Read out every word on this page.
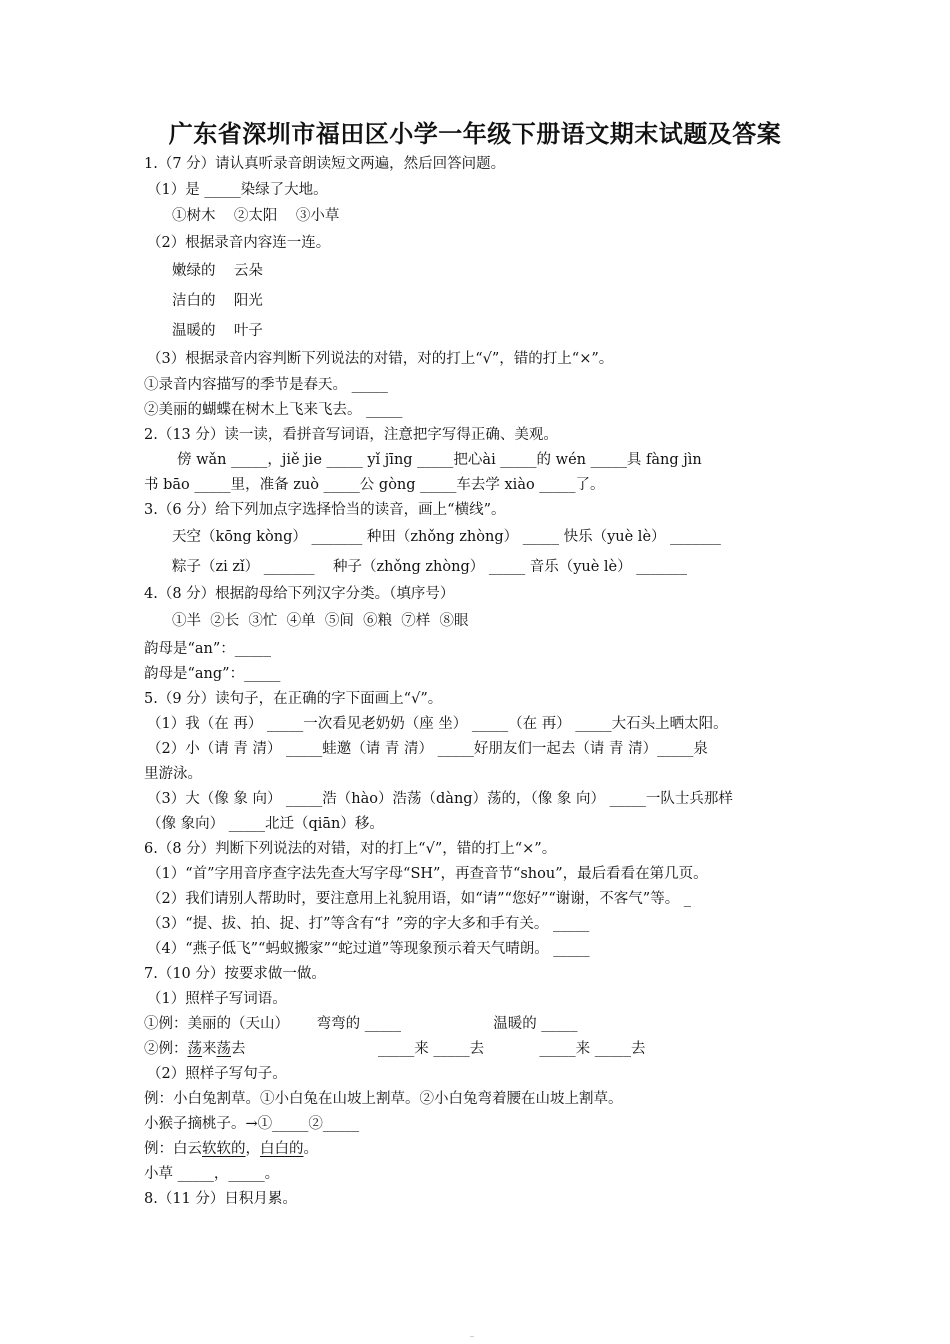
广东省深圳市福田区小学一年级下册语文期末试题及答案
1.（7 分）请认真听录音朗读短文两遍，然后回答问题。
（1）是 _____染绿了大地。
①树木    ②太阳    ③小草
（2）根据录音内容连一连。
嫩绿的    云朵
洁白的    阳光
温暖的    叶子
（3）根据录音内容判断下列说法的对错，对的打上“√”，错的打上“×”。
①录音内容描写的季节是春天。 _____
②美丽的蝴蝶在树木上飞来飞去。 _____
2.（13 分）读一读，看拼音写词语，注意把字写得正确、美观。
傍 wǎn _____，jiě jie _____ yǐ jīng _____把心ài _____的 wén _____具 fàng jìn
书 bāo _____里，准备 zuò _____公 gòng _____车去学 xiào _____了。
3.（6 分）给下列加点字选择恰当的读音，画上“横线”。
天空（kōng kòng） _______ 种田（zhǒng zhòng） _____ 快乐（yuè lè） _______
粽子（zi zǐ） _______    种子（zhǒng zhòng） _____ 音乐（yuè lè） _______
4.（8 分）根据韵母给下列汉字分类。（填序号）
①半  ②长  ③忙  ④单  ⑤间  ⑥粮  ⑦样  ⑧眼
韵母是“an”：_____
韵母是“ang”：_____
5.（9 分）读句子，在正确的字下面画上“√”。
（1）我（在 再） _____一次看见老奶奶（座 坐） _____（在 再） _____大石头上晒太阳。
（2）小（请 青 清） _____蛙邀（请 青 清） _____好朋友们一起去（请 青 清）_____泉
里游泳。
（3）大（像 象 向） _____浩（hào）浩荡（dàng）荡的，（像 象 向） _____一队士兵那样
（像 象向） _____北迁（qiān）移。
6.（8 分）判断下列说法的对错，对的打上“√”，错的打上“×”。
（1）“首”字用音序查字法先查大写字母“SH”，再查音节“shou”，最后看看在第几页。
（2）我们请别人帮助时，要注意用上礼貌用语，如“请”“您好”“谢谢，不客气”等。 _
（3）“提、拔、拍、捉、打”等含有“扌”旁的字大多和手有关。 _____
（4）“燕子低飞”“蚂蚁搬家”“蛇过道”等现象预示着天气晴朗。 _____
7.（10 分）按要求做一做。
（1）照样子写词语。
①例：美丽的（天山）      弯弯的 _____                    温暖的 _____
②例：荡来荡去	_____来 _____去            _____来 _____去
（2）照样子写句子。
例：小白兔割草。①小白兔在山坡上割草。②小白兔弯着腰在山坡上割草。
小猴子摘桃子。→①_____②_____
例：白云软软的，白白的。
小草 _____，_____。
8.（11 分）日积月累。
